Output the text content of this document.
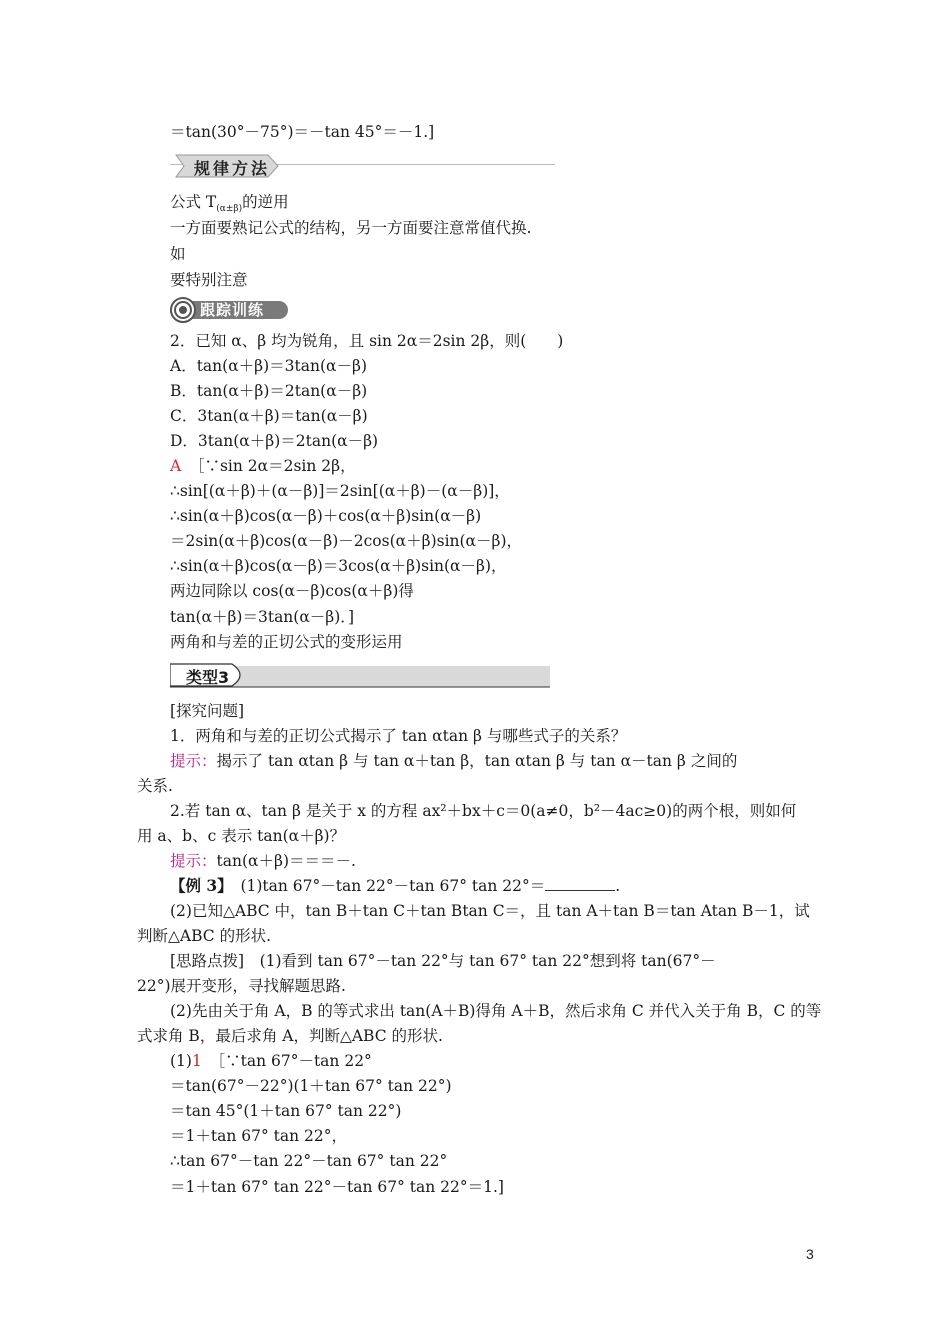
＝tan(30°－75°)＝－tan 45°＝－1.]
规律方法
公式 $T_{(\alpha\pm\beta)}$的逆用
一方面要熟记公式的结构，另一方面要注意常值代换.
如
要特别注意
跟踪训练
2．已知 α、β 均为锐角，且 sin 2α＝2sin 2β，则(　　)
A．tan(α＋β)＝3tan(α－β)
B．tan(α＋β)＝2tan(α－β)
C．3tan(α＋β)＝tan(α－β)
D．3tan(α＋β)＝2tan(α－β)
A　 ［∵sin 2α＝2sin 2β，
∴sin[(α＋β)＋(α－β)]＝2sin[(α＋β)－(α－β)]，
∴sin(α＋β)cos(α－β)＋cos(α＋β)sin(α－β)
＝2sin(α＋β)cos(α－β)－2cos(α＋β)sin(α－β)，
∴sin(α＋β)cos(α－β)＝3cos(α＋β)sin(α－β)，
两边同除以 cos(α－β)cos(α＋β)得
tan(α＋β)＝3tan(α－β)．]
两角和与差的正切公式的变形运用
类型3
[探究问题]
1．两角和与差的正切公式揭示了 tan αtan β 与哪些式子的关系？
提示：揭示了 tan αtan β 与 tan α＋tan β，tan αtan β 与 tan α－tan β 之间的
关系.
2.若 tan α、tan β 是关于 x 的方程 ax²＋bx＋c＝0(a≠0，b²－4ac≥0)的两个根，则如何
用 a、b、c 表示 tan(α＋β)？
提示：tan(α＋β)＝＝＝－.
【例 3】　 (1)tan 67°－tan 22°－tan 67° tan 22°＝	.
(2)已知△ABC 中，tan B＋tan C＋tan Btan C＝，且 tan A＋tan B＝tan Atan B－1，试
判断△ABC 的形状.
[思路点拨]　(1)看到 tan 67°－tan 22°与 tan 67° tan 22°想到将 tan(67°－
22°)展开变形，寻找解题思路.
(2)先由关于角 A，B 的等式求出 tan(A＋B)得角 A＋B，然后求角 C 并代入关于角 B，C 的等
式求角 B，最后求角 A，判断△ABC 的形状.
(1)1　［∵tan 67°－tan 22°
＝tan(67°－22°)(1＋tan 67° tan 22°)
＝tan 45°(1＋tan 67° tan 22°)
＝1＋tan 67° tan 22°，
∴tan 67°－tan 22°－tan 67° tan 22°
＝1＋tan 67° tan 22°－tan 67° tan 22°＝1.]
3
